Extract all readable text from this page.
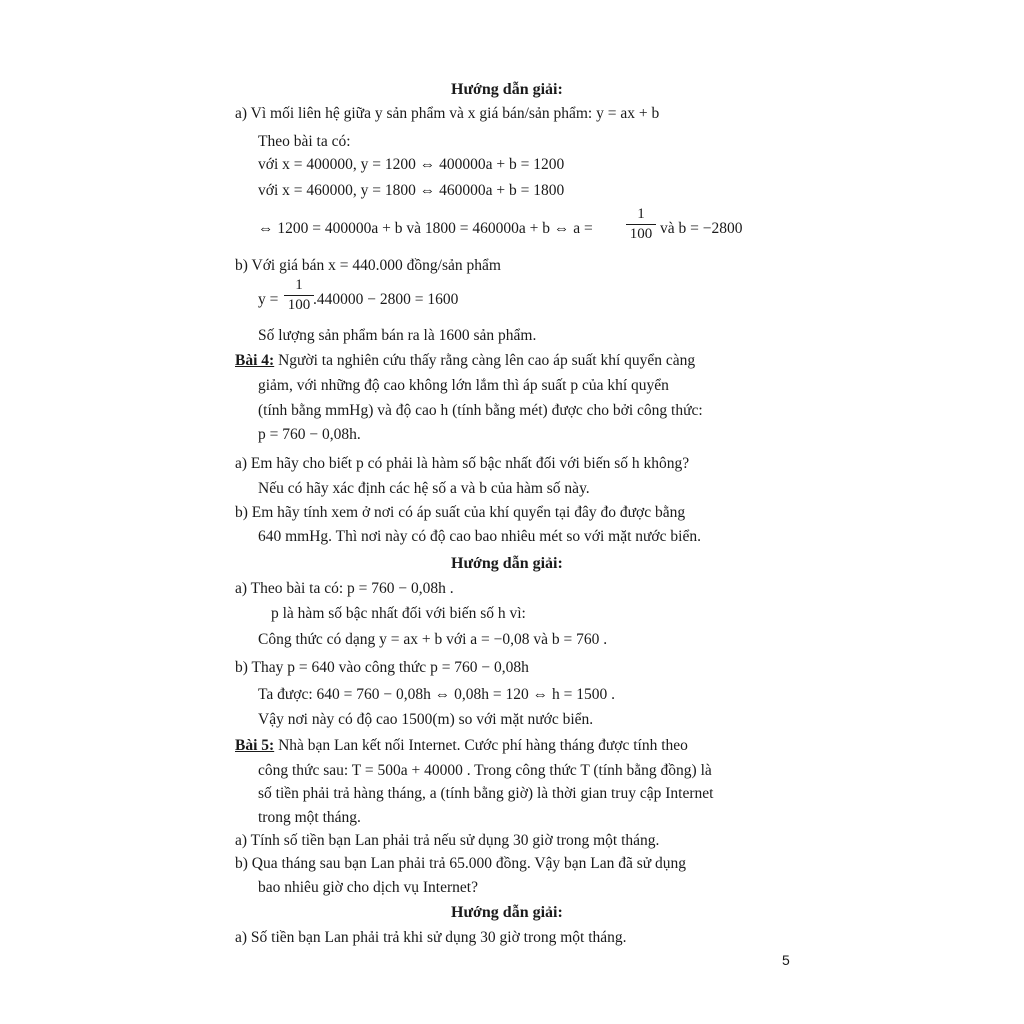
Hướng dẫn giải:
a) Vì mối liên hệ giữa y sản phẩm và x giá bán/sản phẩm: y = ax + b
Theo bài ta có:
với x = 400000, y = 1200 ⇔ 400000a + b = 1200
với x = 460000, y = 1800 ⇔ 460000a + b = 1800
⇔ 1200 = 400000a + b và 1800 = 460000a + b ⇔ a =
1
100 và b = −2800
b) Với giá bán x = 440.000 đồng/sản phẩm
y =
1
100 .440000 − 2800 = 1600
Số lượng sản phẩm bán ra là 1600 sản phẩm.
Bài 4: Người ta nghiên cứu thấy rằng càng lên cao áp suất khí quyển càng
giảm, với những độ cao không lớn lắm thì áp suất p của khí quyển
(tính bằng mmHg) và độ cao h (tính bằng mét) được cho bởi công thức:
p = 760 − 0,08h.
a) Em hãy cho biết p có phải là hàm số bậc nhất đối với biến số h không?
Nếu có hãy xác định các hệ số a và b của hàm số này.
b) Em hãy tính xem ở nơi có áp suất của khí quyển tại đây đo được bằng
640 mmHg. Thì nơi này có độ cao bao nhiêu mét so với mặt nước biển.
Hướng dẫn giải:
a) Theo bài ta có: p = 760 − 0,08h .
p là hàm số bậc nhất đối với biến số h vì:
Công thức có dạng y = ax + b với a = −0,08 và b = 760 .
b) Thay p = 640 vào công thức p = 760 − 0,08h
Ta được: 640 = 760 − 0,08h ⇔ 0,08h = 120 ⇔ h = 1500 .
Vậy nơi này có độ cao 1500(m) so với mặt nước biển.
Bài 5: Nhà bạn Lan kết nối Internet. Cước phí hàng tháng được tính theo
công thức sau: T = 500a + 40000 . Trong công thức T (tính bằng đồng) là
số tiền phải trả hàng tháng, a (tính bằng giờ) là thời gian truy cập Internet
trong một tháng.
a) Tính số tiền bạn Lan phải trả nếu sử dụng 30 giờ trong một tháng.
b) Qua tháng sau bạn Lan phải trả 65.000 đồng. Vậy bạn Lan đã sử dụng
bao nhiêu giờ cho dịch vụ Internet?
Hướng dẫn giải:
a) Số tiền bạn Lan phải trả khi sử dụng 30 giờ trong một tháng.
5
